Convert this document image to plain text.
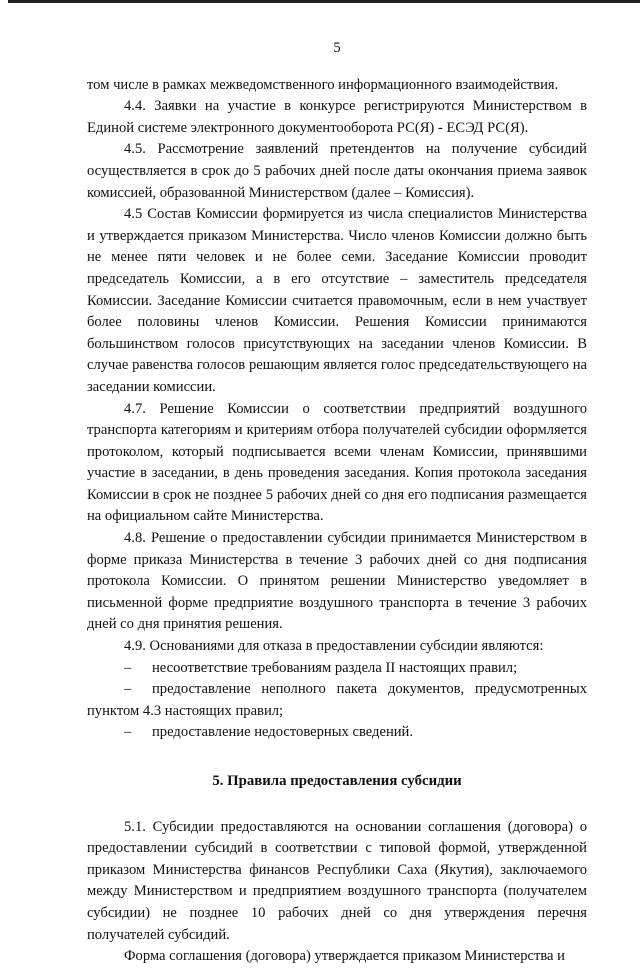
5

том числе в рамках межведомственного информационного взаимодействия.

4.4. Заявки на участие в конкурсе регистрируются Министерством в Единой системе электронного документооборота РС(Я) - ЕСЭД РС(Я).

4.5. Рассмотрение заявлений претендентов на получение субсидий осуществляется в срок до 5 рабочих дней после даты окончания приема заявок комиссией, образованной Министерством (далее – Комиссия).

4.5 Состав Комиссии формируется из числа специалистов Министерства и утверждается приказом Министерства. Число членов Комиссии должно быть не менее пяти человек и не более семи. Заседание Комиссии проводит председатель Комиссии, а в его отсутствие – заместитель председателя Комиссии. Заседание Комиссии считается правомочным, если в нем участвует более половины членов Комиссии. Решения Комиссии принимаются большинством голосов присутствующих на заседании членов Комиссии. В случае равенства голосов решающим является голос председательствующего на заседании комиссии.

4.7. Решение Комиссии о соответствии предприятий воздушного транспорта категориям и критериям отбора получателей субсидии оформляется протоколом, который подписывается всеми членам Комиссии, принявшими участие в заседании, в день проведения заседания. Копия протокола заседания Комиссии в срок не позднее 5 рабочих дней со дня его подписания размещается на официальном сайте Министерства.

4.8. Решение о предоставлении субсидии принимается Министерством в форме приказа Министерства в течение 3 рабочих дней со дня подписания протокола Комиссии. О принятом решении Министерство уведомляет в письменной форме предприятие воздушного транспорта в течение 3 рабочих дней со дня принятия решения.

4.9. Основаниями для отказа в предоставлении субсидии являются:

– несоответствие требованиям раздела II настоящих правил;
– предоставление неполного пакета документов, предусмотренных пунктом 4.3 настоящих правил;
– предоставление недостоверных сведений.
5. Правила предоставления субсидии

5.1. Субсидии предоставляются на основании соглашения (договора) о предоставлении субсидий в соответствии с типовой формой, утвержденной приказом Министерства финансов Республики Саха (Якутия), заключаемого между Министерством и предприятием воздушного транспорта (получателем субсидии) не позднее 10 рабочих дней со дня утверждения перечня получателей субсидий.

Форма соглашения (договора) утверждается приказом Министерства и
